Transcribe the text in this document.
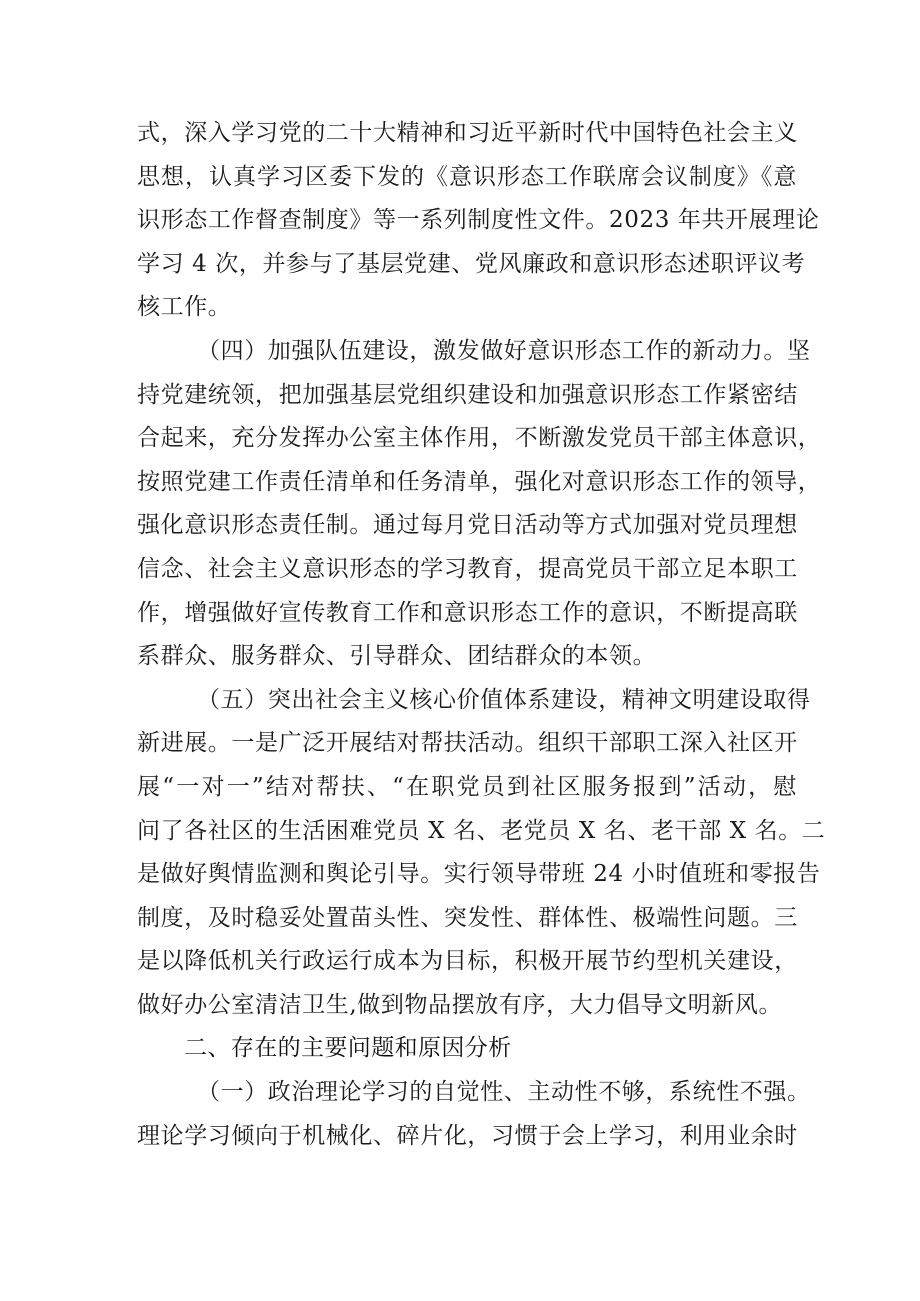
式，深入学习党的二十大精神和习近平新时代中国特色社会主义
思想，认真学习区委下发的《意识形态工作联席会议制度》《意
识形态工作督查制度》等一系列制度性文件。2023 年共开展理论
学习 4 次，并参与了基层党建、党风廉政和意识形态述职评议考
核工作。
（四）加强队伍建设，激发做好意识形态工作的新动力。坚
持党建统领，把加强基层党组织建设和加强意识形态工作紧密结
合起来，充分发挥办公室主体作用，不断激发党员干部主体意识，
按照党建工作责任清单和任务清单，强化对意识形态工作的领导，
强化意识形态责任制。通过每月党日活动等方式加强对党员理想
信念、社会主义意识形态的学习教育，提高党员干部立足本职工
作，增强做好宣传教育工作和意识形态工作的意识，不断提高联
系群众、服务群众、引导群众、团结群众的本领。
（五）突出社会主义核心价值体系建设，精神文明建设取得
新进展。一是广泛开展结对帮扶活动。组织干部职工深入社区开
展“一对一”结对帮扶、“在职党员到社区服务报到”活动，慰
问了各社区的生活困难党员 X 名、老党员 X 名、老干部 X 名。二
是做好舆情监测和舆论引导。实行领导带班 24 小时值班和零报告
制度，及时稳妥处置苗头性、突发性、群体性、极端性问题。三
是以降低机关行政运行成本为目标，积极开展节约型机关建设，
做好办公室清洁卫生,做到物品摆放有序，大力倡导文明新风。
二、存在的主要问题和原因分析
（一）政治理论学习的自觉性、主动性不够，系统性不强。
理论学习倾向于机械化、碎片化，习惯于会上学习，利用业余时
